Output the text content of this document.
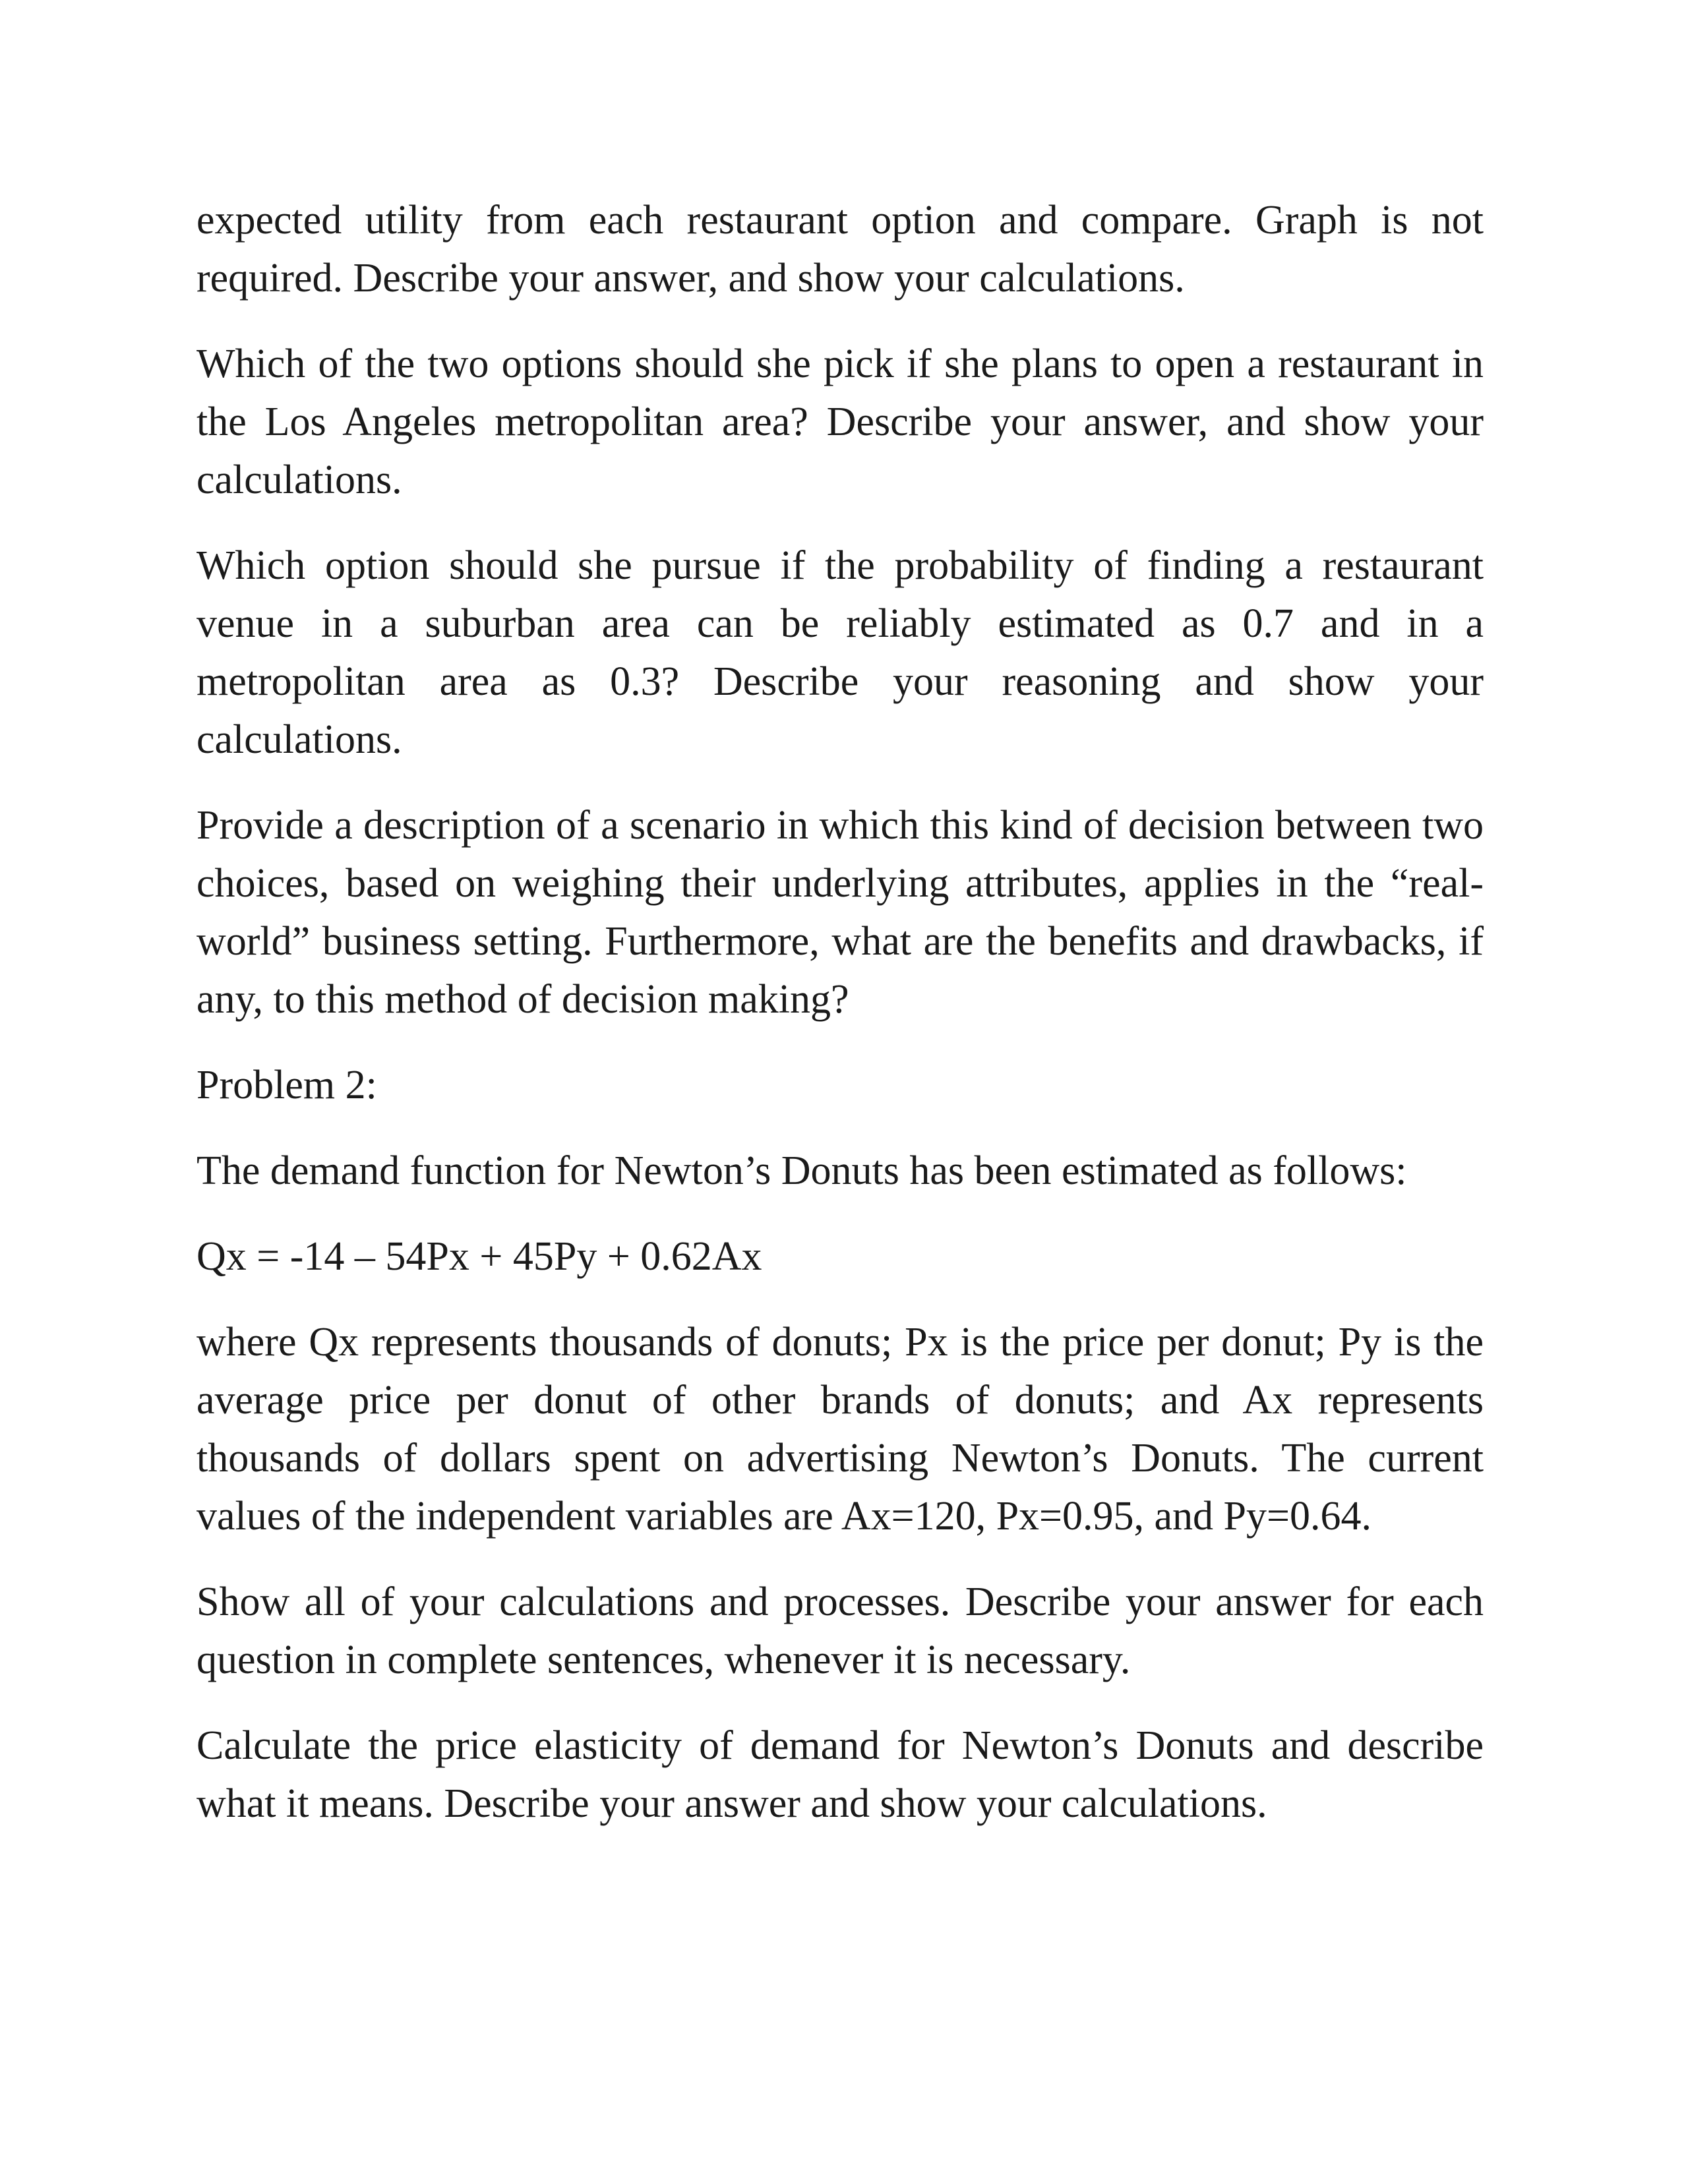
expected utility from each restaurant option and compare. Graph is not required. Describe your answer, and show your calculations.

Which of the two options should she pick if she plans to open a restaurant in the Los Angeles metropolitan area? Describe your answer, and show your calculations.

Which option should she pursue if the probability of finding a restaurant venue in a suburban area can be reliably estimated as 0.7 and in a metropolitan area as 0.3? Describe your reasoning and show your calculations.

Provide a description of a scenario in which this kind of decision between two choices, based on weighing their underlying attributes, applies in the “real-world” business setting. Furthermore, what are the benefits and drawbacks, if any, to this method of decision making?

Problem 2:

The demand function for Newton’s Donuts has been estimated as follows:

Qx = -14 – 54Px + 45Py + 0.62Ax

where Qx represents thousands of donuts; Px is the price per donut; Py is the average price per donut of other brands of donuts; and Ax represents thousands of dollars spent on advertising Newton’s Donuts. The current values of the independent variables are Ax=120, Px=0.95, and Py=0.64.

Show all of your calculations and processes. Describe your answer for each question in complete sentences, whenever it is necessary.

Calculate the price elasticity of demand for Newton’s Donuts and describe what it means. Describe your answer and show your calculations.
